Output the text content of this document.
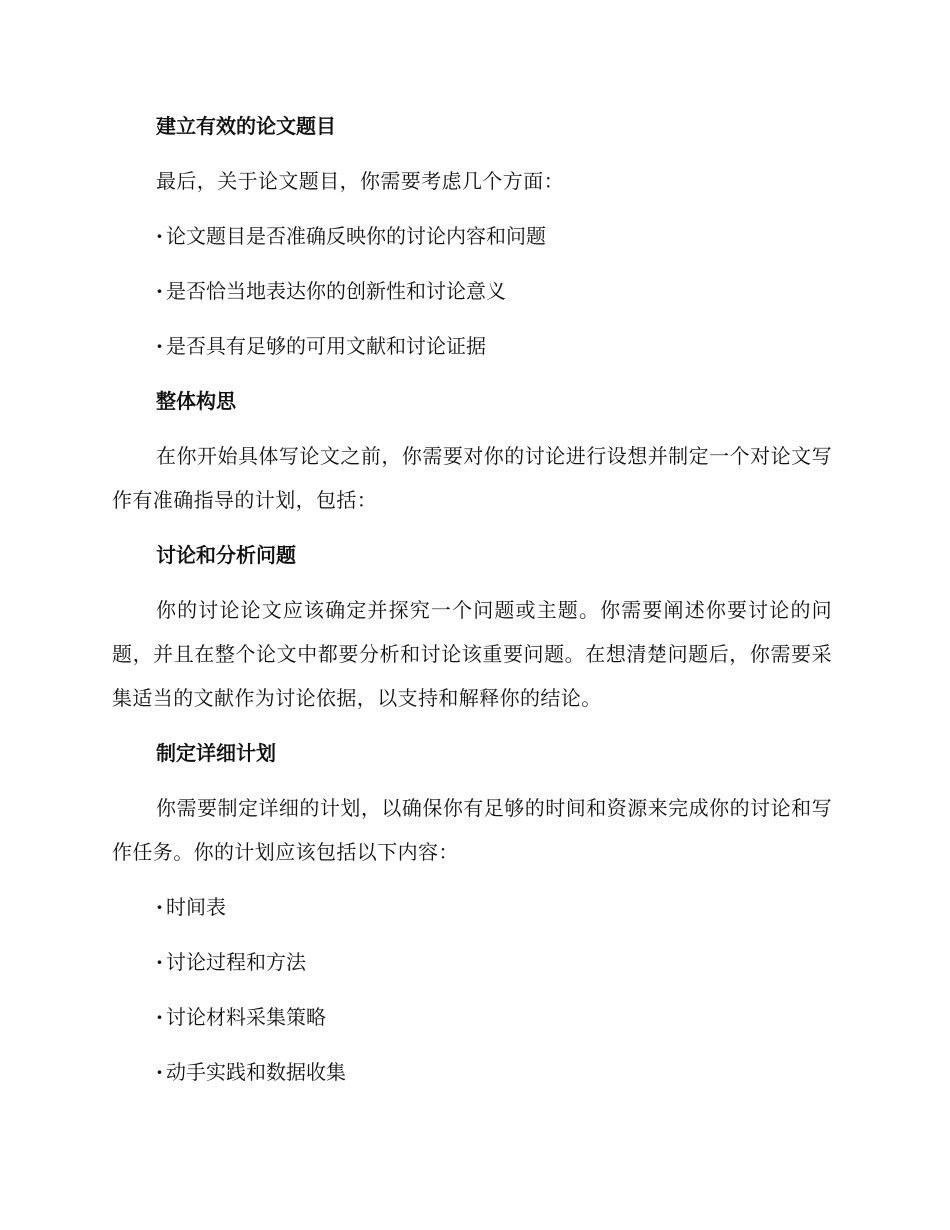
建立有效的论文题目
最后，关于论文题目，你需要考虑几个方面：
· 论文题目是否准确反映你的讨论内容和问题
· 是否恰当地表达你的创新性和讨论意义
· 是否具有足够的可用文献和讨论证据
整体构思
在你开始具体写论文之前，你需要对你的讨论进行设想并制定一个对论文写作有准确指导的计划，包括：
讨论和分析问题
你的讨论论文应该确定并探究一个问题或主题。你需要阐述你要讨论的问题，并且在整个论文中都要分析和讨论该重要问题。在想清楚问题后，你需要采集适当的文献作为讨论依据，以支持和解释你的结论。
制定详细计划
你需要制定详细的计划，以确保你有足够的时间和资源来完成你的讨论和写作任务。你的计划应该包括以下内容：
· 时间表
· 讨论过程和方法
· 讨论材料采集策略
· 动手实践和数据收集
